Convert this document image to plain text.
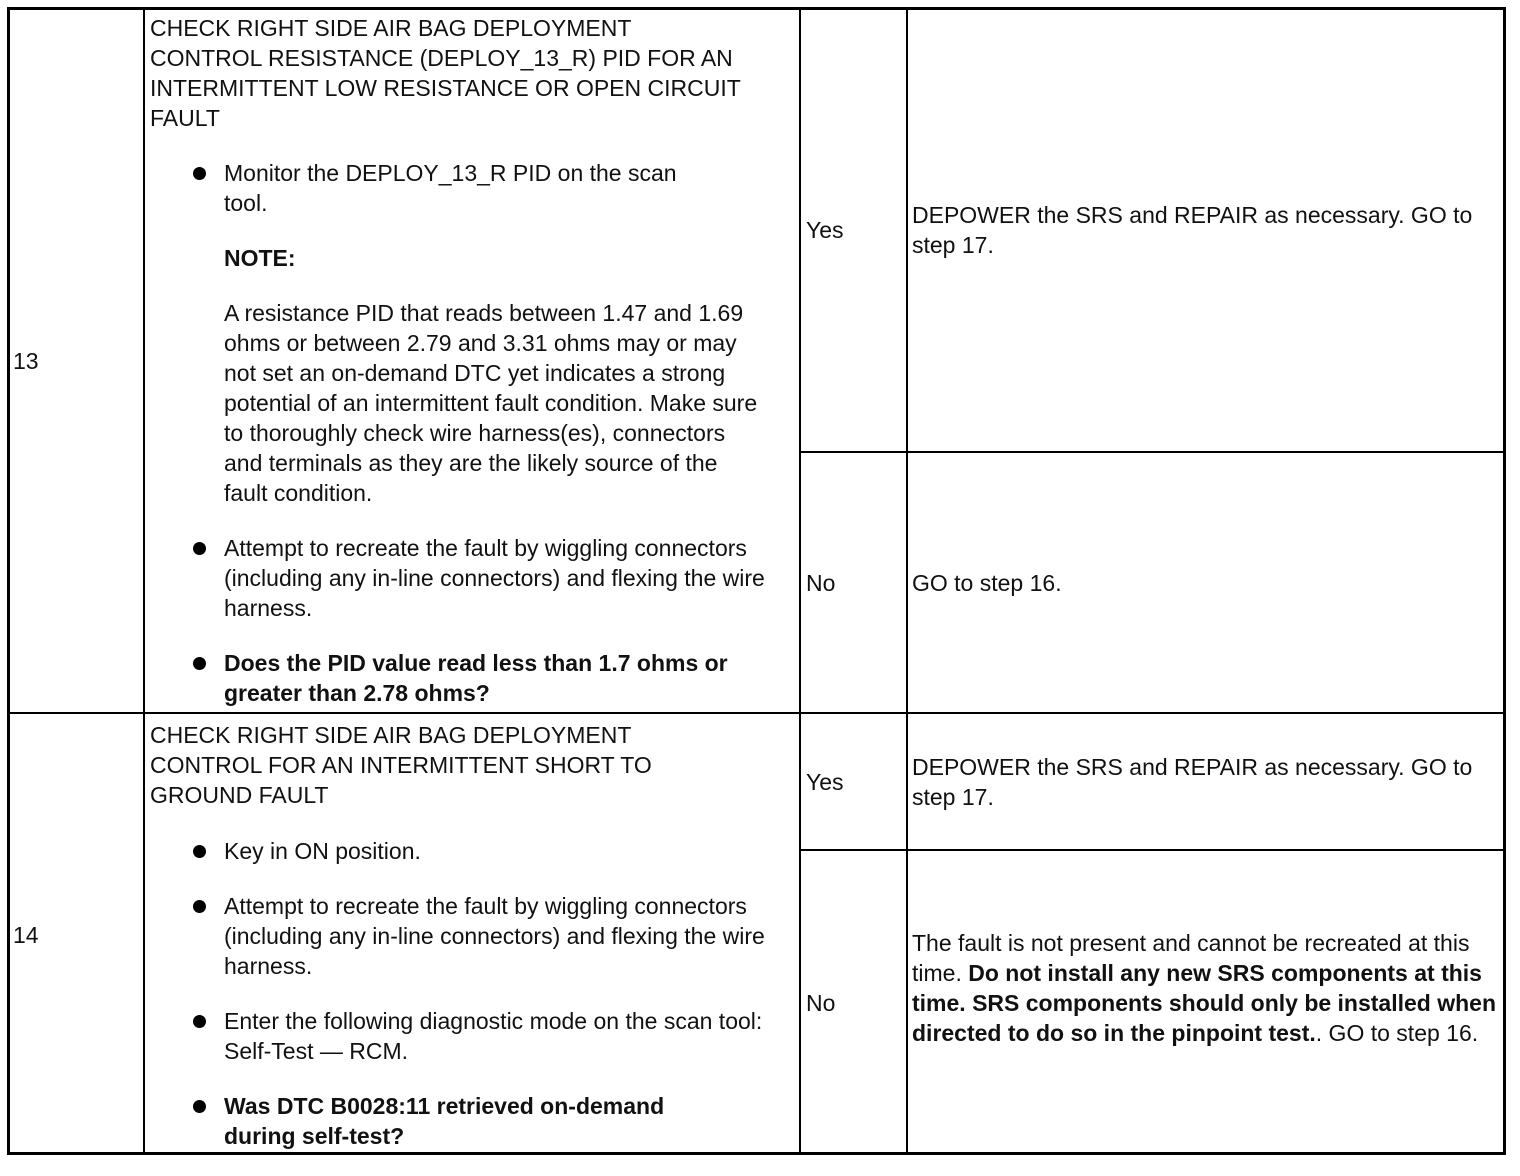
13
CHECK RIGHT SIDE AIR BAG DEPLOYMENT
CONTROL RESISTANCE (DEPLOY_13_R) PID FOR AN
INTERMITTENT LOW RESISTANCE OR OPEN CIRCUIT
FAULT
Monitor the DEPLOY_13_R PID on the scan tool.
NOTE:
A resistance PID that reads between 1.47 and 1.69 ohms or between 2.79 and 3.31 ohms may or may not set an on-demand DTC yet indicates a strong potential of an intermittent fault condition. Make sure to thoroughly check wire harness(es), connectors and terminals as they are the likely source of the fault condition.
Attempt to recreate the fault by wiggling connectors (including any in-line connectors) and flexing the wire harness.
Does the PID value read less than 1.7 ohms or greater than 2.78 ohms?
Yes
DEPOWER the SRS and REPAIR as necessary. GO to step 17.
No	GO to step 16.
14
CHECK RIGHT SIDE AIR BAG DEPLOYMENT
CONTROL FOR AN INTERMITTENT SHORT TO
GROUND FAULT
Key in ON position.
Attempt to recreate the fault by wiggling connectors (including any in-line connectors) and flexing the wire harness.
Enter the following diagnostic mode on the scan tool: Self-Test — RCM.
Was DTC B0028:11 retrieved on-demand during self-test?
Yes
DEPOWER the SRS and REPAIR as necessary. GO to step 17.
No
The fault is not present and cannot be recreated at this time. Do not install any new SRS components at this time. SRS components should only be installed when directed to do so in the pinpoint test.. GO to step 16.
